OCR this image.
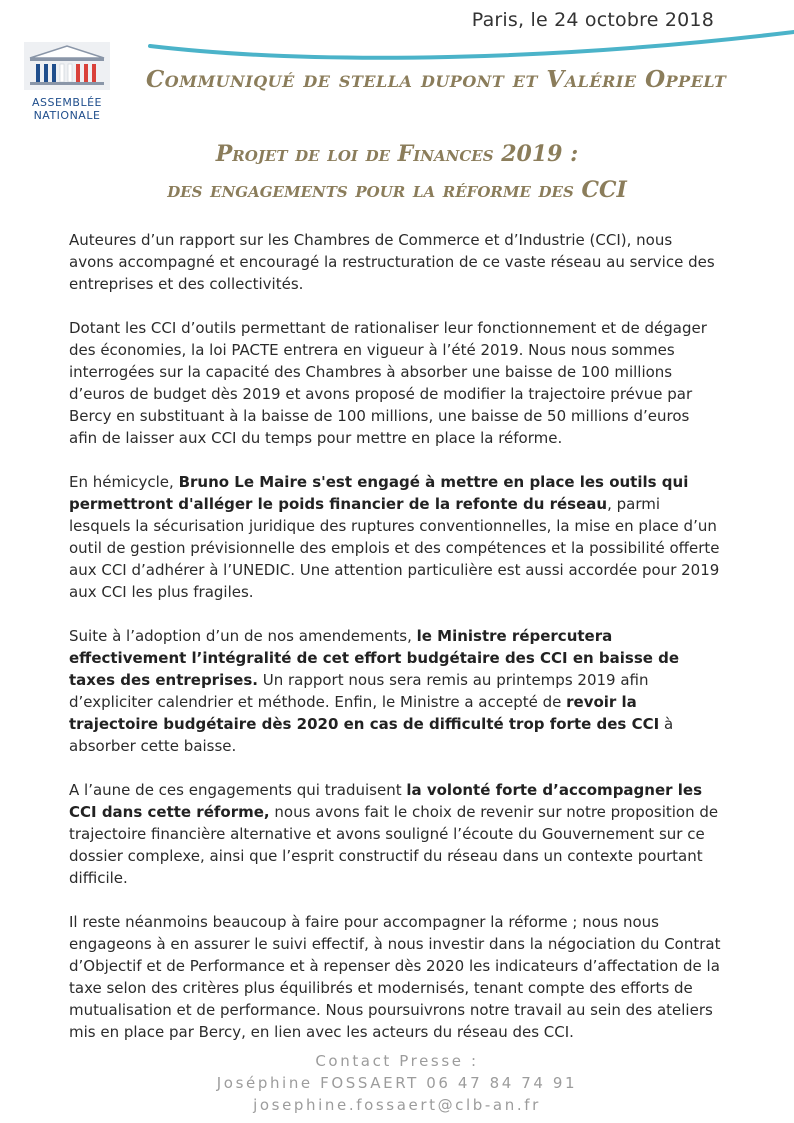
Paris, le 24 octobre 2018
ASSEMBLÉE
NATIONALE
Communiqué de stella dupont et Valérie Oppelt
Projet de loi de Finances 2019 :
des engagements pour la réforme des CCI

Auteures d’un rapport sur les Chambres de Commerce et d’Industrie (CCI), nous avons accompagné et encouragé la restructuration de ce vaste réseau au service des entreprises et des collectivités.

Dotant les CCI d’outils permettant de rationaliser leur fonctionnement et de dégager des économies, la loi PACTE entrera en vigueur à l’été 2019. Nous nous sommes interrogées sur la capacité des Chambres à absorber une baisse de 100 millions d’euros de budget dès 2019 et avons proposé de modifier la trajectoire prévue par Bercy en substituant à la baisse de 100 millions, une baisse de 50 millions d’euros afin de laisser aux CCI du temps pour mettre en place la réforme.

En hémicycle, Bruno Le Maire s'est engagé à mettre en place les outils qui permettront d'alléger le poids financier de la refonte du réseau, parmi lesquels la sécurisation juridique des ruptures conventionnelles, la mise en place d’un outil de gestion prévisionnelle des emplois et des compétences et la possibilité offerte aux CCI d’adhérer à l’UNEDIC. Une attention particulière est aussi accordée pour 2019 aux CCI les plus fragiles.

Suite à l’adoption d’un de nos amendements, le Ministre répercutera effectivement l’intégralité de cet effort budgétaire des CCI en baisse de taxes des entreprises. Un rapport nous sera remis au printemps 2019 afin d’expliciter calendrier et méthode. Enfin, le Ministre a accepté de revoir la trajectoire budgétaire dès 2020 en cas de difficulté trop forte des CCI à absorber cette baisse.

A l’aune de ces engagements qui traduisent la volonté forte d’accompagner les CCI dans cette réforme, nous avons fait le choix de revenir sur notre proposition de trajectoire financière alternative et avons souligné l’écoute du Gouvernement sur ce dossier complexe, ainsi que l’esprit constructif du réseau dans un contexte pourtant difficile.

Il reste néanmoins beaucoup à faire pour accompagner la réforme ; nous nous engageons à en assurer le suivi effectif, à nous investir dans la négociation du Contrat d’Objectif et de Performance et à repenser dès 2020 les indicateurs d’affectation de la taxe selon des critères plus équilibrés et modernisés, tenant compte des efforts de mutualisation et de performance. Nous poursuivrons notre travail au sein des ateliers mis en place par Bercy, en lien avec les acteurs du réseau des CCI.

Contact Presse :
Joséphine FOSSAERT 06 47 84 74 91
josephine.fossaert@clb-an.fr
